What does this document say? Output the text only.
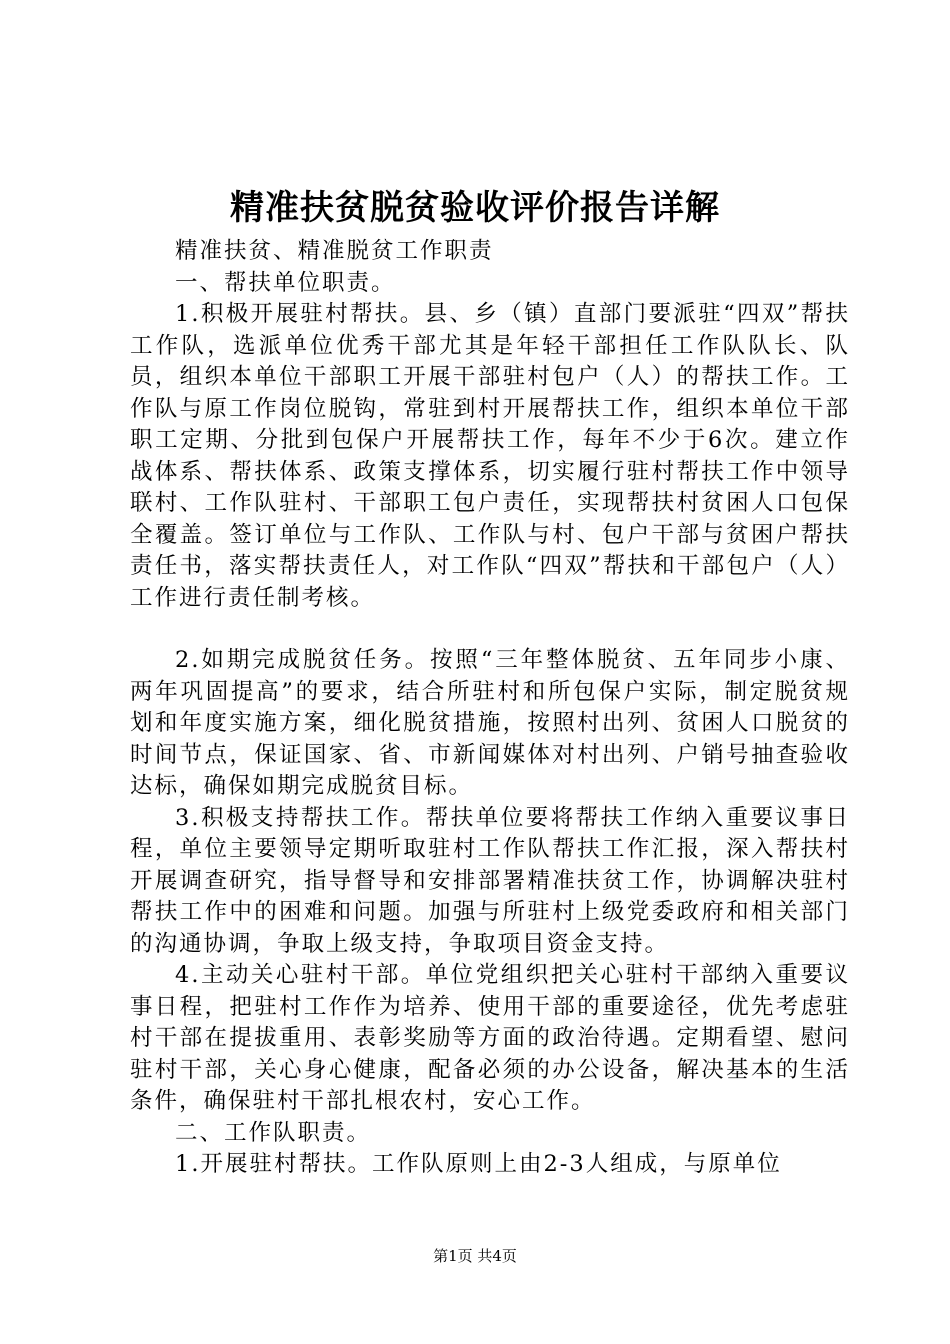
精准扶贫脱贫验收评价报告详解

精准扶贫、精准脱贫工作职责

一、帮扶单位职责。

1.积极开展驻村帮扶。县、乡（镇）直部门要派驻“四双”帮扶工作队，选派单位优秀干部尤其是年轻干部担任工作队队长、队员，组织本单位干部职工开展干部驻村包户（人）的帮扶工作。工作队与原工作岗位脱钩，常驻到村开展帮扶工作，组织本单位干部职工定期、分批到包保户开展帮扶工作，每年不少于6次。建立作战体系、帮扶体系、政策支撑体系，切实履行驻村帮扶工作中领导联村、工作队驻村、干部职工包户责任，实现帮扶村贫困人口包保全覆盖。签订单位与工作队、工作队与村、包户干部与贫困户帮扶责任书，落实帮扶责任人，对工作队“四双”帮扶和干部包户（人）工作进行责任制考核。

2.如期完成脱贫任务。按照“三年整体脱贫、五年同步小康、两年巩固提高”的要求，结合所驻村和所包保户实际，制定脱贫规划和年度实施方案，细化脱贫措施，按照村出列、贫困人口脱贫的时间节点，保证国家、省、市新闻媒体对村出列、户销号抽查验收达标，确保如期完成脱贫目标。

3.积极支持帮扶工作。帮扶单位要将帮扶工作纳入重要议事日程，单位主要领导定期听取驻村工作队帮扶工作汇报，深入帮扶村开展调查研究，指导督导和安排部署精准扶贫工作，协调解决驻村帮扶工作中的困难和问题。加强与所驻村上级党委政府和相关部门的沟通协调，争取上级支持，争取项目资金支持。

4.主动关心驻村干部。单位党组织把关心驻村干部纳入重要议事日程，把驻村工作作为培养、使用干部的重要途径，优先考虑驻村干部在提拔重用、表彰奖励等方面的政治待遇。定期看望、慰问驻村干部，关心身心健康，配备必须的办公设备，解决基本的生活条件，确保驻村干部扎根农村，安心工作。

二、工作队职责。

1.开展驻村帮扶。工作队原则上由2-3人组成，与原单位

第1页 共4页
